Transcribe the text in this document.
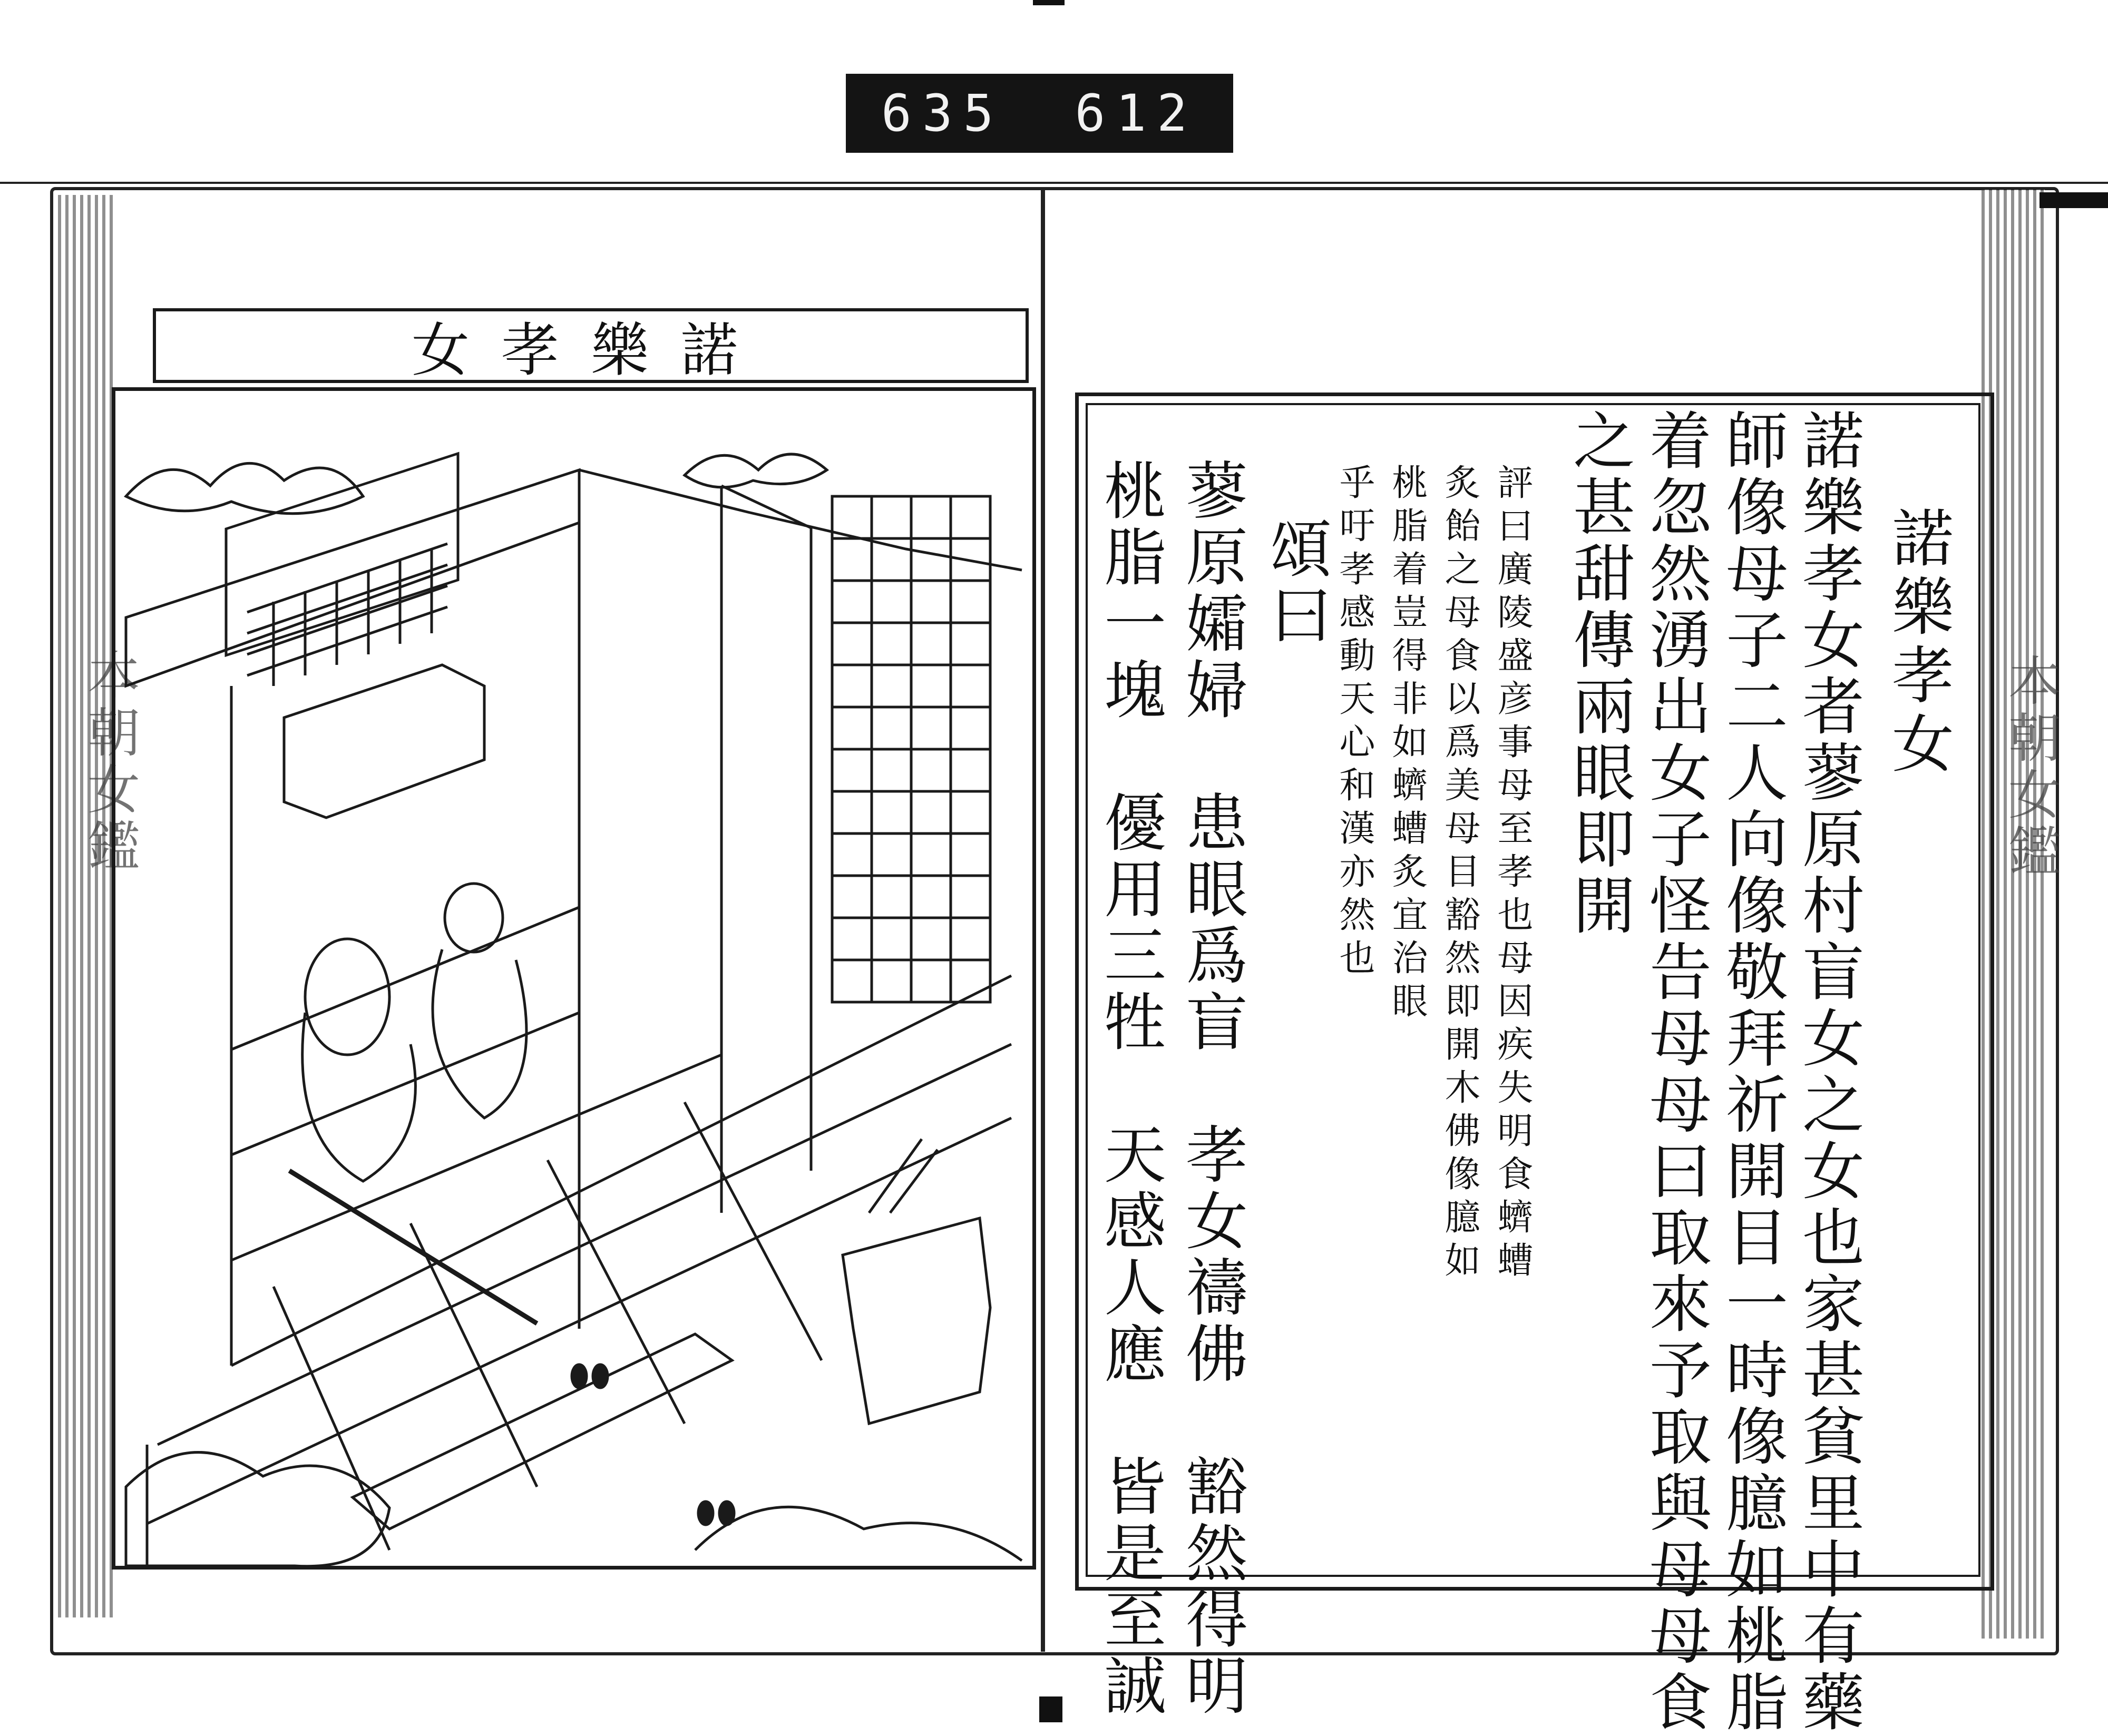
635 612
本朝女鑑
諾樂孝女
諾樂孝女
諾樂孝女者蓼原村盲女之女也家甚貧里中有藥
師像母子二人向像敬拜祈開目一時像臆如桃脂
着忽然湧出女子怪告母母曰取來予取與母母食
之甚甜傳兩眼即開
評曰廣陵盛彦事母至孝也母因疾失明食蠐螬
炙飴之母食以爲美母目豁然即開木佛像臆如
桃脂着豈得非如蠐螬炙宜治眼
乎吁孝感動天心和漢亦然也
頌曰
蓼原孀婦　患眼爲盲　孝女禱佛　豁然得明
桃脂一塊　優用三牲　天感人應　皆是至誠	本朝女鑑
